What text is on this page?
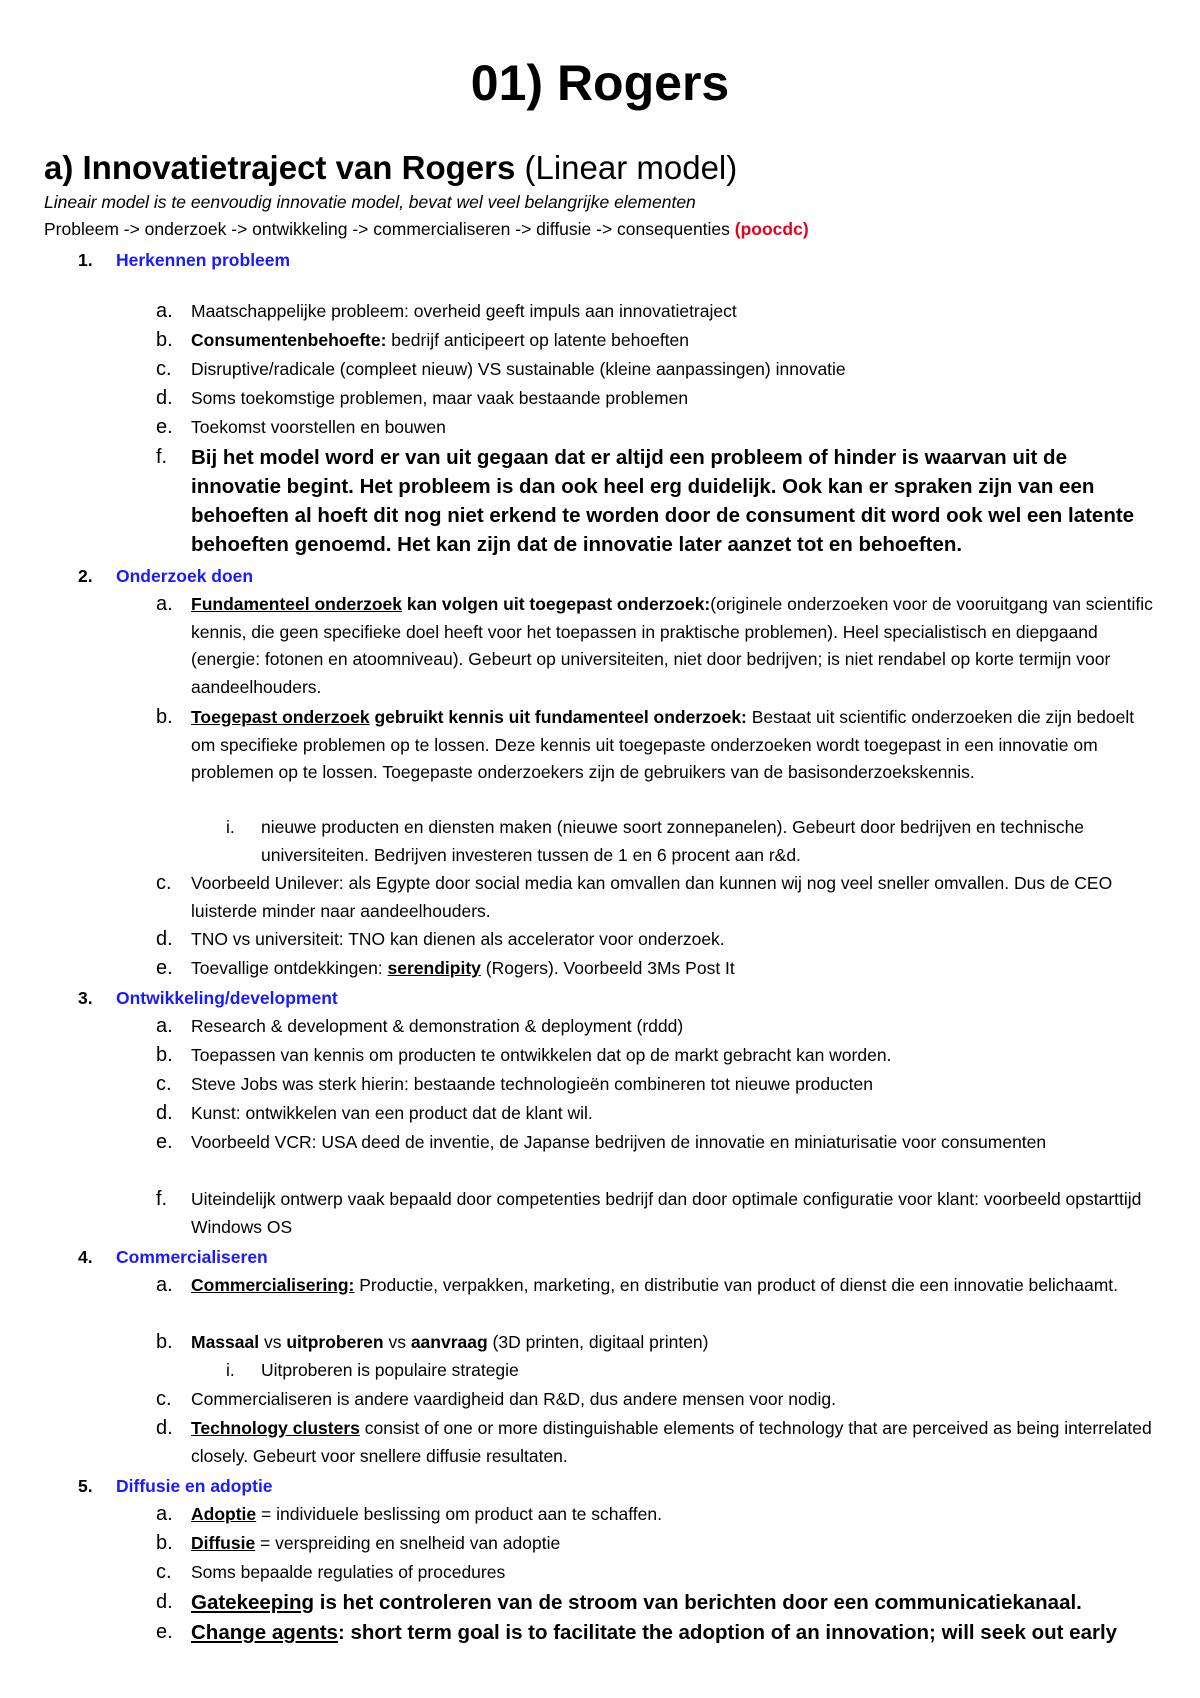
01) Rogers
a) Innovatietraject van Rogers (Linear model)
Lineair model is te eenvoudig innovatie model, bevat wel veel belangrijke elementen
Probleem -> onderzoek -> ontwikkeling -> commercialiseren -> diffusie -> consequenties (poocdc)
1. Herkennen probleem
a. Maatschappelijke probleem: overheid geeft impuls aan innovatietraject
b. Consumentenbehoefte: bedrijf anticipeert op latente behoeften
c. Disruptive/radicale (compleet nieuw) VS sustainable (kleine aanpassingen) innovatie
d. Soms toekomstige problemen, maar vaak bestaande problemen
e. Toekomst voorstellen en bouwen
f. Bij het model word er van uit gegaan dat er altijd een probleem of hinder is waarvan uit de innovatie begint. Het probleem is dan ook heel erg duidelijk. Ook kan er spraken zijn van een behoeften al hoeft dit nog niet erkend te worden door de consument dit word ook wel een latente behoeften genoemd. Het kan zijn dat de innovatie later aanzet tot en behoeften.
2. Onderzoek doen
a. Fundamenteel onderzoek kan volgen uit toegepast onderzoek:(originele onderzoeken voor de vooruitgang van scientific kennis, die geen specifieke doel heeft voor het toepassen in praktische problemen). Heel specialistisch en diepgaand (energie: fotonen en atoomniveau). Gebeurt op universiteiten, niet door bedrijven; is niet rendabel op korte termijn voor aandeelhouders.
b. Toegepast onderzoek gebruikt kennis uit fundamenteel onderzoek: Bestaat uit scientific onderzoeken die zijn bedoelt om specifieke problemen op te lossen. Deze kennis uit toegepaste onderzoeken wordt toegepast in een innovatie om problemen op te lossen. Toegepaste onderzoekers zijn de gebruikers van de basisonderzoekskennis.
i. nieuwe producten en diensten maken (nieuwe soort zonnepanelen). Gebeurt door bedrijven en technische universiteiten. Bedrijven investeren tussen de 1 en 6 procent aan r&d.
c. Voorbeeld Unilever: als Egypte door social media kan omvallen dan kunnen wij nog veel sneller omvallen. Dus de CEO luisterde minder naar aandeelhouders.
d. TNO vs universiteit: TNO kan dienen als accelerator voor onderzoek.
e. Toevallige ontdekkingen: serendipity (Rogers). Voorbeeld 3Ms Post It
3. Ontwikkeling/development
a. Research & development & demonstration & deployment (rddd)
b. Toepassen van kennis om producten te ontwikkelen dat op de markt gebracht kan worden.
c. Steve Jobs was sterk hierin: bestaande technologieën combineren tot nieuwe producten
d. Kunst: ontwikkelen van een product dat de klant wil.
e. Voorbeeld VCR: USA deed de inventie, de Japanse bedrijven de innovatie en miniaturisatie voor consumenten
f. Uiteindelijk ontwerp vaak bepaald door competenties bedrijf dan door optimale configuratie voor klant: voorbeeld opstarttijd Windows OS
4. Commercialiseren
a. Commercialisering: Productie, verpakken, marketing, en distributie van product of dienst die een innovatie belichaamt.
b. Massaal vs uitproberen vs aanvraag (3D printen, digitaal printen)
i. Uitproberen is populaire strategie
c. Commercialiseren is andere vaardigheid dan R&D, dus andere mensen voor nodig.
d. Technology clusters consist of one or more distinguishable elements of technology that are perceived as being interrelated closely. Gebeurt voor snellere diffusie resultaten.
5. Diffusie en adoptie
a. Adoptie = individuele beslissing om product aan te schaffen.
b. Diffusie = verspreiding en snelheid van adoptie
c. Soms bepaalde regulaties of procedures
d. Gatekeeping is het controleren van de stroom van berichten door een communicatiekanaal.
e. Change agents: short term goal is to facilitate the adoption of an innovation; will seek out early
